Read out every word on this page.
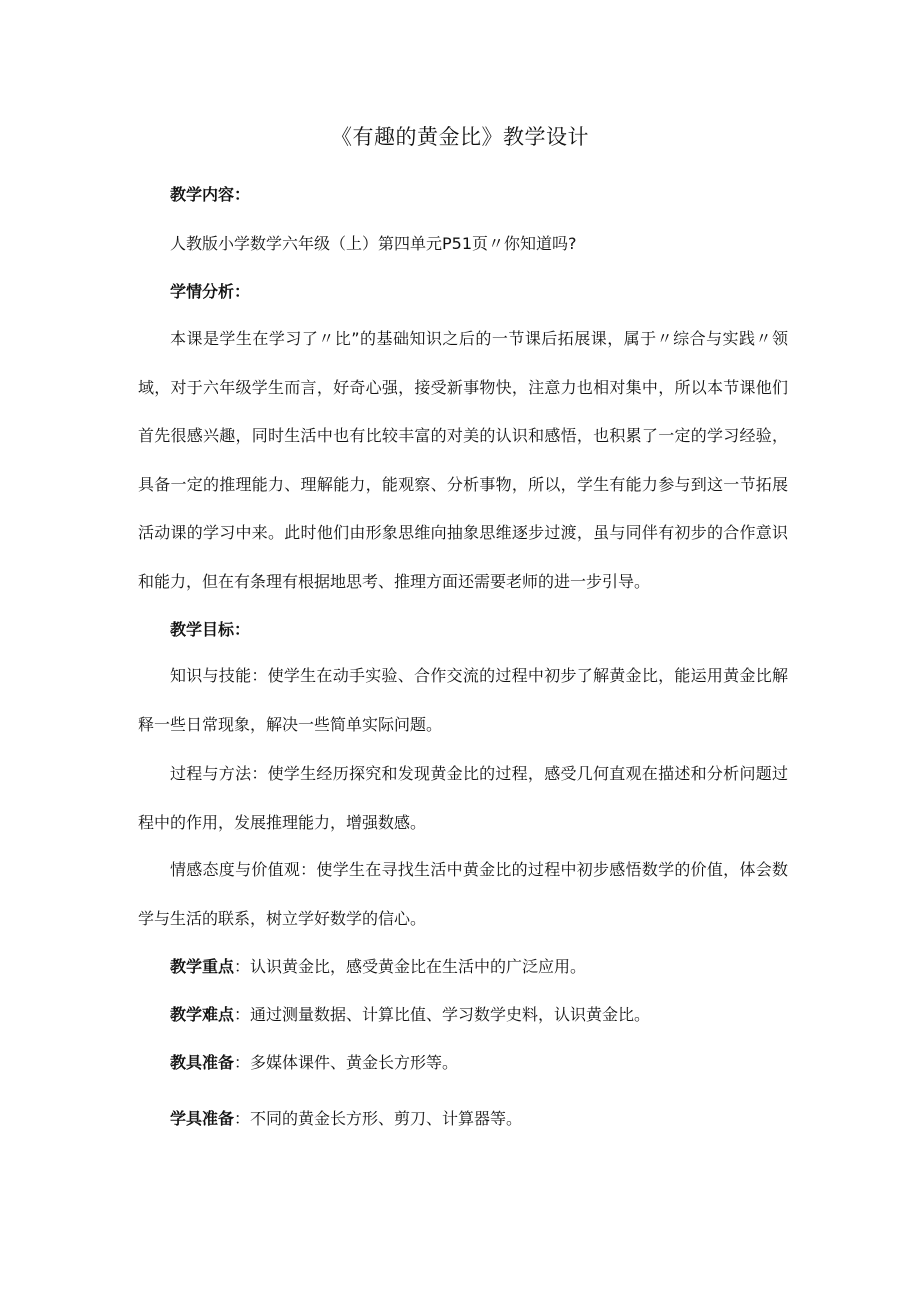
《有趣的黄金比》教学设计
教学内容：
人教版小学数学六年级（上）第四单元P51页〃你知道吗?
学情分析：

本课是学生在学习了〃比”的基础知识之后的一节课后拓展课，属于〃综合与实践〃领域，对于六年级学生而言，好奇心强，接受新事物快，注意力也相对集中，所以本节课他们首先很感兴趣，同时生活中也有比较丰富的对美的认识和感悟，也积累了一定的学习经验，具备一定的推理能力、理解能力，能观察、分析事物，所以，学生有能力参与到这一节拓展活动课的学习中来。此时他们由形象思维向抽象思维逐步过渡，虽与同伴有初步的合作意识和能力，但在有条理有根据地思考、推理方面还需要老师的进一步引导。

教学目标：

知识与技能：使学生在动手实验、合作交流的过程中初步了解黄金比，能运用黄金比解释一些日常现象，解决一些简单实际问题。

过程与方法：使学生经历探究和发现黄金比的过程，感受几何直观在描述和分析问题过程中的作用，发展推理能力，增强数感。

情感态度与价值观：使学生在寻找生活中黄金比的过程中初步感悟数学的价值，体会数学与生活的联系，树立学好数学的信心。

教学重点：认识黄金比，感受黄金比在生活中的广泛应用。
教学难点：通过测量数据、计算比值、学习数学史料，认识黄金比。
教具准备：多媒体课件、黄金长方形等。
学具准备：不同的黄金长方形、剪刀、计算器等。
